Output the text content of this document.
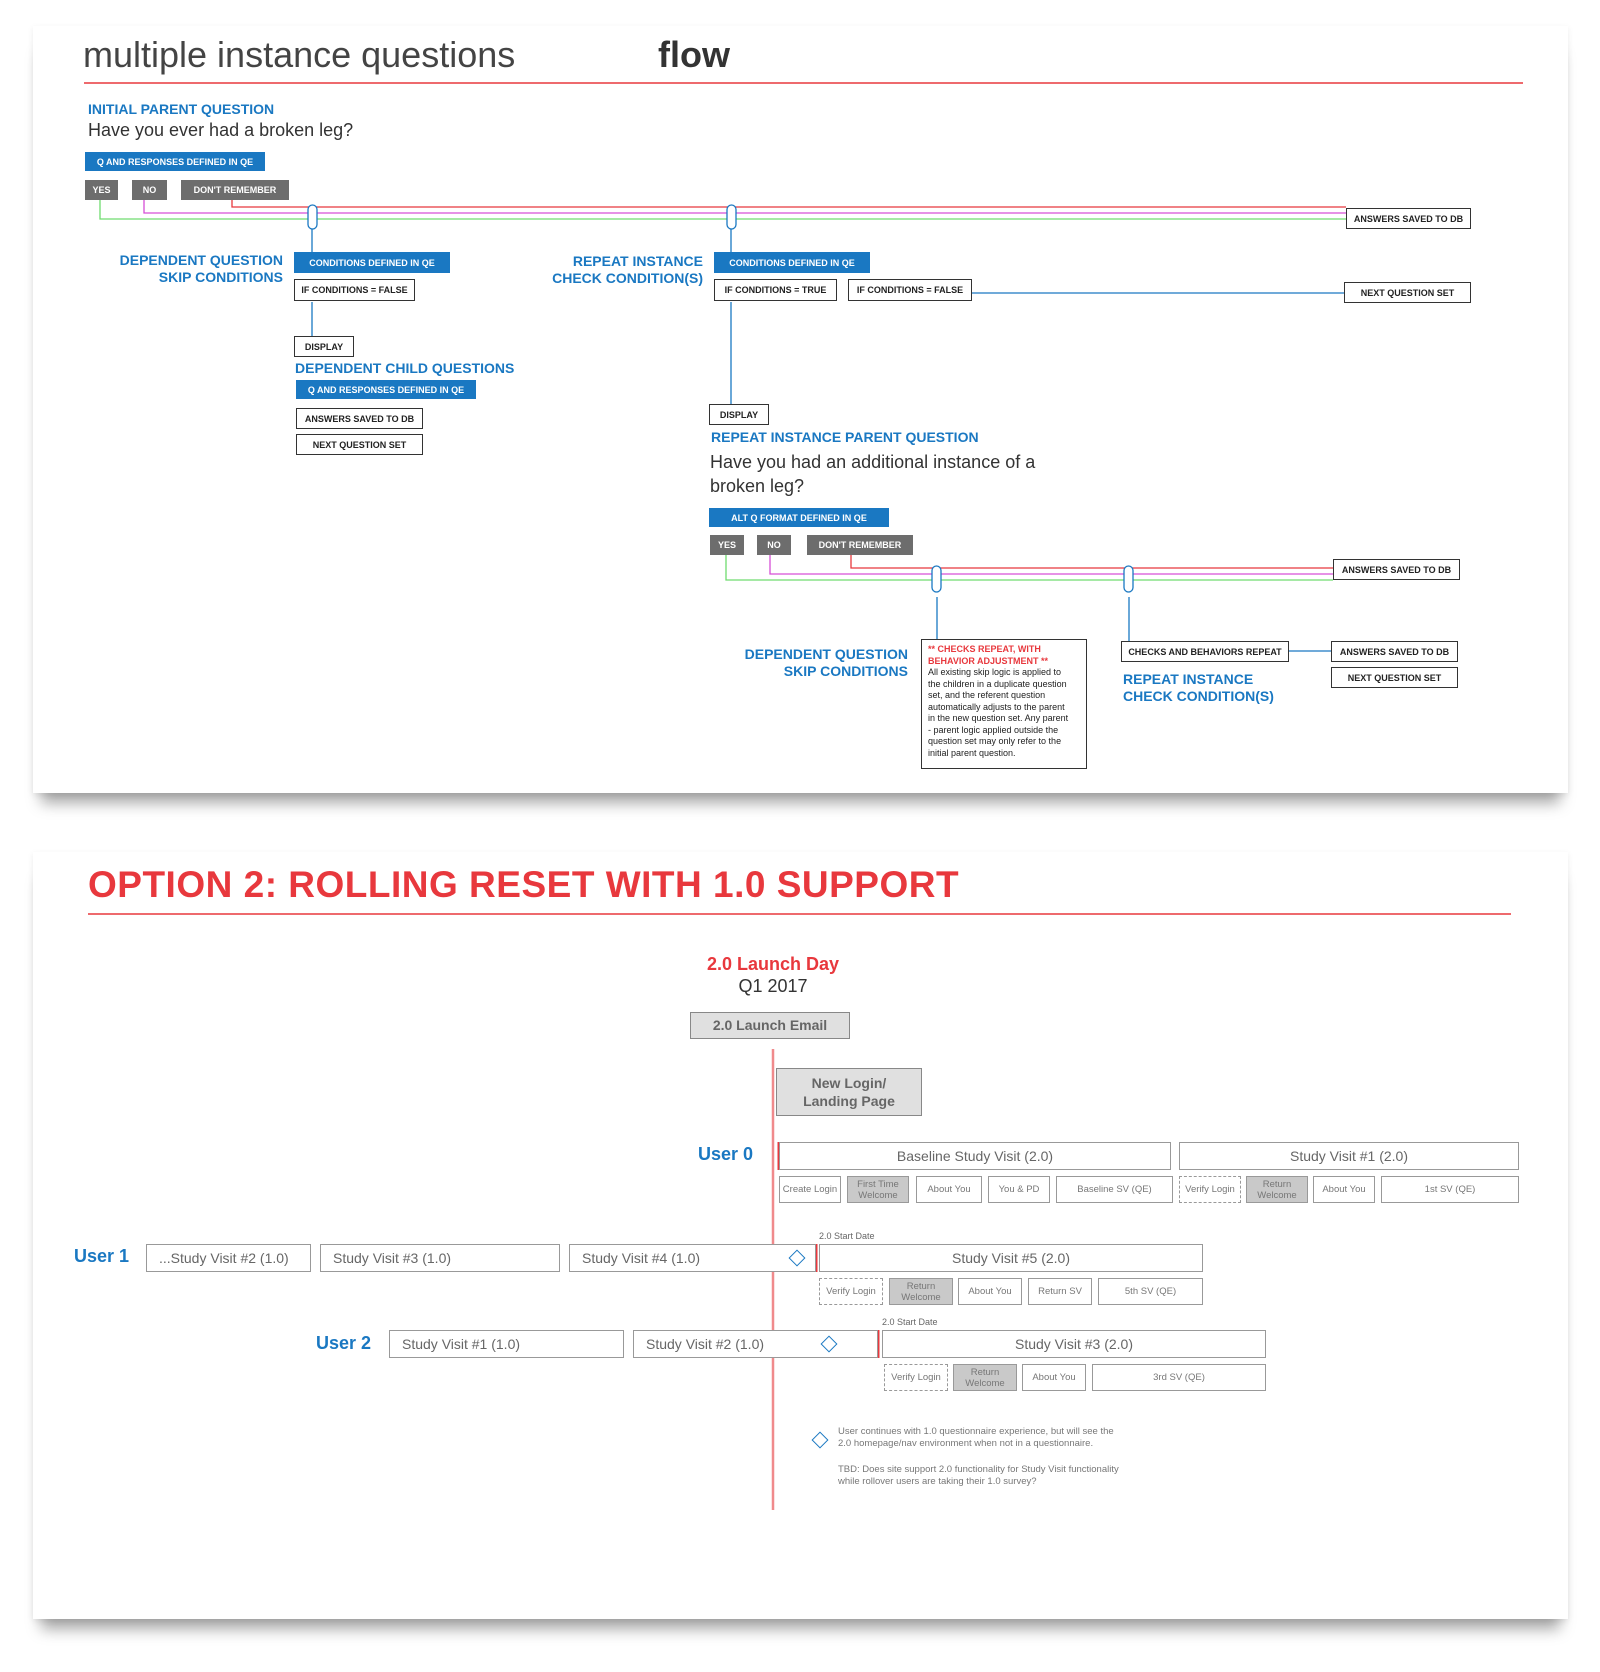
multiple instance questions	flow
INITIAL PARENT QUESTION
Have you ever had a broken leg?
Q AND RESPONSES DEFINED IN QE
YES	NO	DON'T REMEMBER
ANSWERS SAVED TO DB
DEPENDENT QUESTION
SKIP CONDITIONS
CONDITIONS DEFINED IN QE
IF CONDITIONS = FALSE
DISPLAY
DEPENDENT CHILD QUESTIONS
Q AND RESPONSES DEFINED IN QE
ANSWERS SAVED TO DB
NEXT QUESTION SET
REPEAT INSTANCE
CHECK CONDITION(S)
CONDITIONS DEFINED IN QE
IF CONDITIONS = TRUE	IF CONDITIONS = FALSE	NEXT QUESTION SET
DISPLAY
REPEAT INSTANCE PARENT QUESTION
Have you had an additional instance of a
broken leg?
ALT Q FORMAT DEFINED IN QE
YES	NO	DON'T REMEMBER
ANSWERS SAVED TO DB
DEPENDENT QUESTION
SKIP CONDITIONS
** CHECKS REPEAT, WITH
BEHAVIOR ADJUSTMENT **
All existing skip logic is applied to
the children in a duplicate question
set, and the referent question
automatically adjusts to the parent
in the new question set. Any parent
- parent logic applied outside the
question set may only refer to the
initial parent question.
CHECKS AND BEHAVIORS REPEAT
REPEAT INSTANCE
CHECK CONDITION(S)
ANSWERS SAVED TO DB
NEXT QUESTION SET
OPTION 2: ROLLING RESET WITH 1.0 SUPPORT
2.0 Launch Day
Q1 2017
2.0 Launch Email
New Login/
Landing Page
User 0	Baseline Study Visit (2.0)	Study Visit #1 (2.0)
Create Login	First Time Welcome	About You	You & PD	Baseline SV (QE)	Verify Login	Return Welcome	About You	1st SV (QE)
User 1	...Study Visit #2 (1.0)	Study Visit #3 (1.0)	Study Visit #4 (1.0)
2.0 Start Date
Study Visit #5 (2.0)
Verify Login	Return Welcome	About You	Return SV	5th SV (QE)
User 2	Study Visit #1 (1.0)	Study Visit #2 (1.0)
2.0 Start Date
Study Visit #3 (2.0)
Verify Login	Return Welcome	About You	3rd SV (QE)
User continues with 1.0 questionnaire experience, but will see the
2.0 homepage/nav environment when not in a questionnaire.
TBD: Does site support 2.0 functionality for Study Visit functionality
while rollover users are taking their 1.0 survey?
